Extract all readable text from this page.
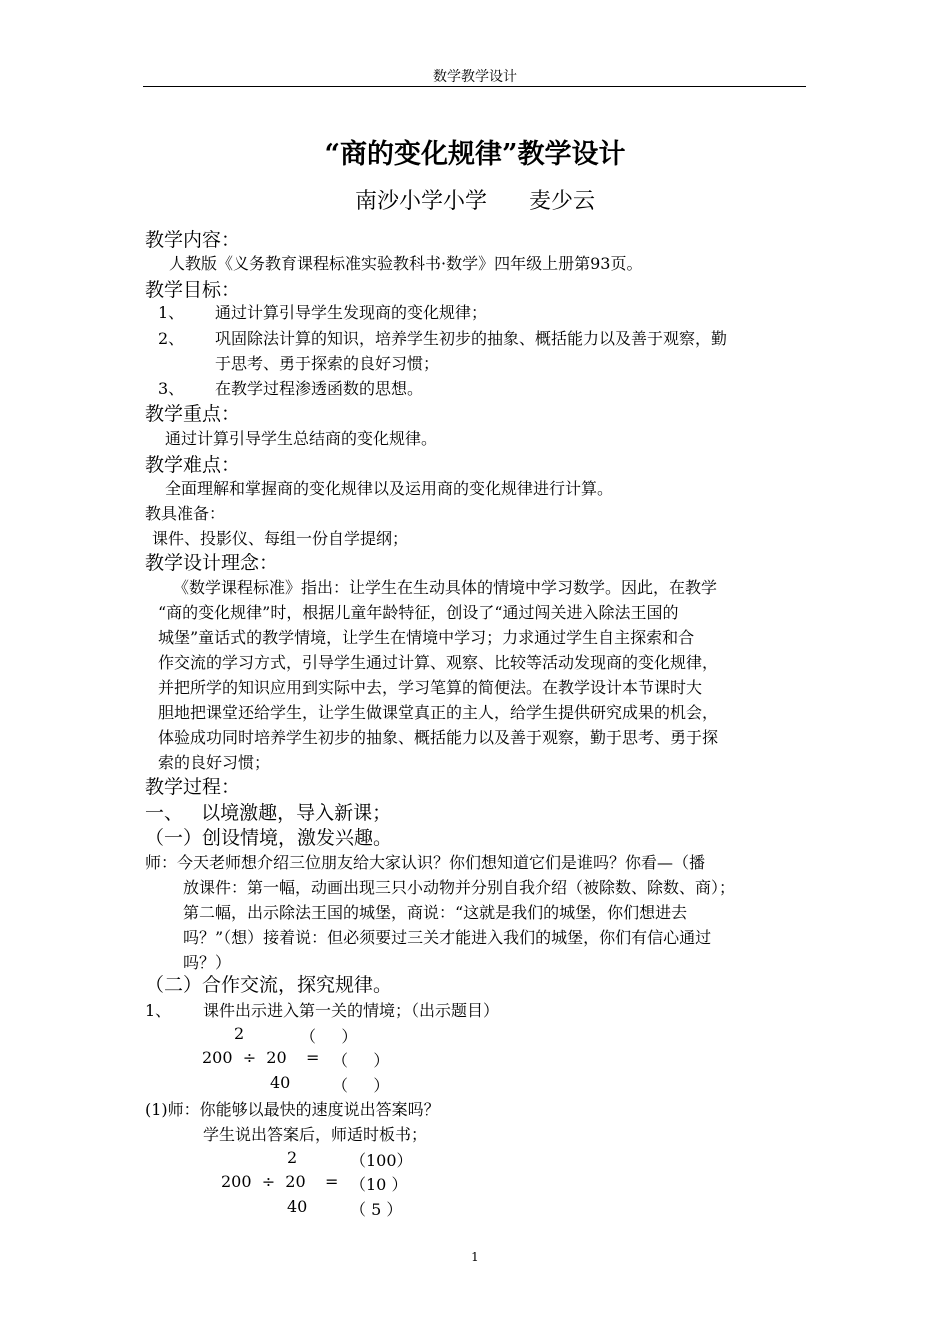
数学教学设计
“商的变化规律”教学设计
南沙小学小学      麦少云
教学内容：
人教版《义务教育课程标准实验教科书·数学》四年级上册第93页。
教学目标：
1、 通过计算引导学生发现商的变化规律；
2、 巩固除法计算的知识，培养学生初步的抽象、概括能力以及善于观察，勤
于思考、勇于探索的良好习惯；
3、 在教学过程渗透函数的思想。
教学重点：
通过计算引导学生总结商的变化规律。
教学难点：
全面理解和掌握商的变化规律以及运用商的变化规律进行计算。
教具准备：
课件、投影仪、每组一份自学提纲；
教学设计理念：
《数学课程标准》指出：让学生在生动具体的情境中学习数学。因此，在教学
“商的变化规律”时，根据儿童年龄特征，创设了“通过闯关进入除法王国的
城堡”童话式的教学情境，让学生在情境中学习；力求通过学生自主探索和合
作交流的学习方式，引导学生通过计算、观察、比较等活动发现商的变化规律，
并把所学的知识应用到实际中去，学习笔算的简便法。在教学设计本节课时大
胆地把课堂还给学生，让学生做课堂真正的主人，给学生提供研究成果的机会，
体验成功同时培养学生初步的抽象、概括能力以及善于观察，勤于思考、勇于探
索的良好习惯；
教学过程：
一、   以境激趣，导入新课；
（一）创设情境，激发兴趣。
师：今天老师想介绍三位朋友给大家认识？你们想知道它们是谁吗？你看—（播
放课件：第一幅，动画出现三只小动物并分别自我介绍（被除数、除数、商）；
第二幅，出示除法王国的城堡，商说：“这就是我们的城堡，你们想进去
吗？”（想）接着说：但必须要过三关才能进入我们的城堡，你们有信心通过
吗？）
（二）合作交流，探究规律。
1、 课件出示进入第一关的情境；（出示题目）
2	（     ）
200  ÷  20 = （     ）
40	（     ）
(1)师：你能够以最快的速度说出答案吗？
学生说出答案后，师适时板书；
2	（100）
200  ÷  20 = （10 ）
40	（ 5 ）
1
